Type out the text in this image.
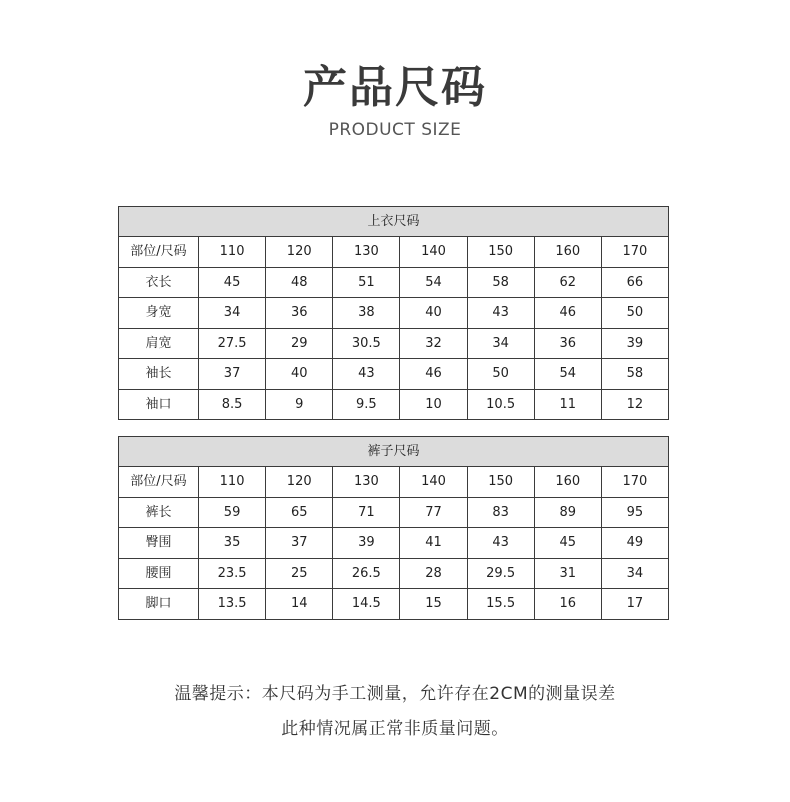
产品尺码
PRODUCT SIZE
上衣尺码							
部位/尺码	110	120	130	140	150	160	170
衣长	45	48	51	54	58	62	66
身宽	34	36	38	40	43	46	50
肩宽	27.5	29	30.5	32	34	36	39
袖长	37	40	43	46	50	54	58
袖口	8.5	9	9.5	10	10.5	11	12
裤子尺码							
部位/尺码	110	120	130	140	150	160	170
裤长	59	65	71	77	83	89	95
臀围	35	37	39	41	43	45	49
腰围	23.5	25	26.5	28	29.5	31	34
脚口	13.5	14	14.5	15	15.5	16	17
温馨提示：本尺码为手工测量，允许存在2CM的测量误差
此种情况属正常非质量问题。
